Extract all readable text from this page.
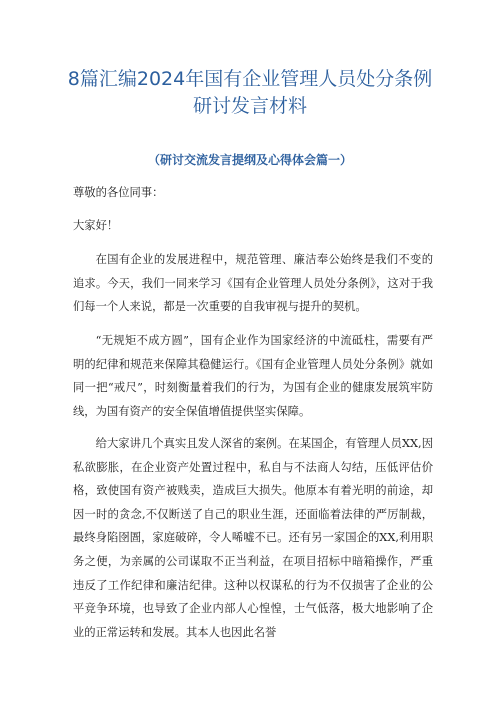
8篇汇编2024年国有企业管理人员处分条例研讨发言材料
（研讨交流发言提纲及心得体会篇一）
尊敬的各位同事：
大家好！
在国有企业的发展进程中，规范管理、廉洁奉公始终是我们不变的追求。今天，我们一同来学习《国有企业管理人员处分条例》，这对于我们每一个人来说，都是一次重要的自我审视与提升的契机。
“无规矩不成方圆”，国有企业作为国家经济的中流砥柱，需要有严明的纪律和规范来保障其稳健运行。《国有企业管理人员处分条例》就如同一把“戒尺”，时刻衡量着我们的行为，为国有企业的健康发展筑牢防线，为国有资产的安全保值增值提供坚实保障。
给大家讲几个真实且发人深省的案例。在某国企，有管理人员XX,因私欲膨胀，在企业资产处置过程中，私自与不法商人勾结，压低评估价格，致使国有资产被贱卖，造成巨大损失。他原本有着光明的前途，却因一时的贪念,不仅断送了自己的职业生涯，还面临着法律的严厉制裁，最终身陷囹圄，家庭破碎，令人唏嘘不已。还有另一家国企的XX,利用职务之便，为亲属的公司谋取不正当利益，在项目招标中暗箱操作，严重违反了工作纪律和廉洁纪律。这种以权谋私的行为不仅损害了企业的公平竞争环境，也导致了企业内部人心惶惶，士气低落，极大地影响了企业的正常运转和发展。其本人也因此名誉
